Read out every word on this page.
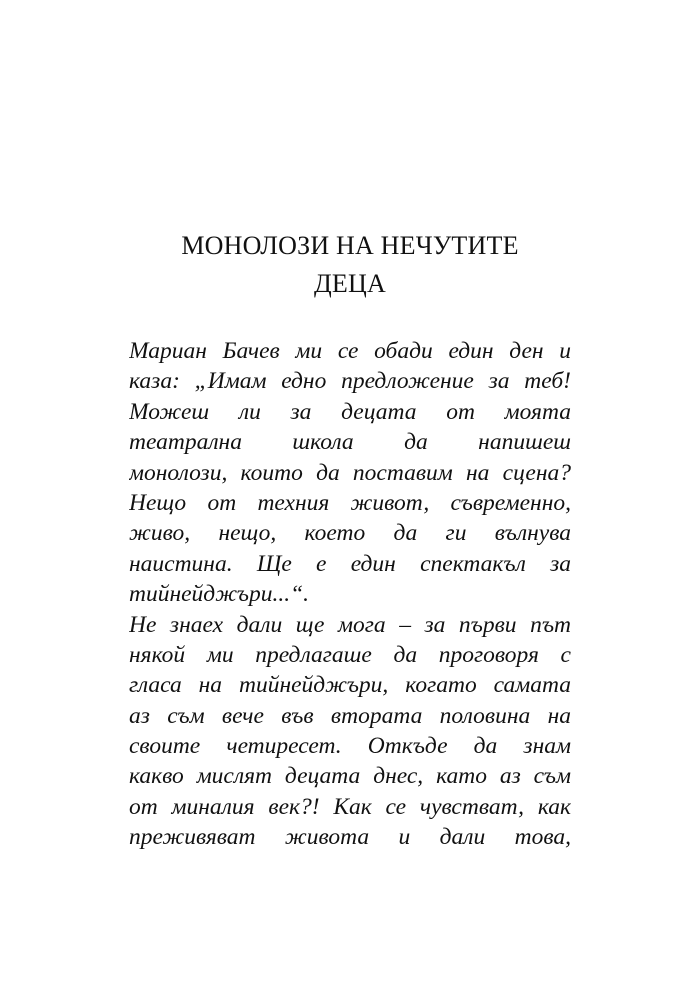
МОНОЛОЗИ НА НЕЧУТИТЕ
ДЕЦА
Мариан Бачев ми се обади един ден и
каза: „Имам едно предложение за теб!
Можеш ли за децата от моята
театрална школа да напишеш
монолози, които да поставим на сцена?
Нещо от техния живот, съвременно,
живо, нещо, което да ги вълнува
наистина. Ще е един спектакъл за
тийнейджъри...“.
Не знаех дали ще мога – за първи път
някой ми предлагаше да проговоря с
гласа на тийнейджъри, когато самата
аз съм вече във втората половина на
своите четиресет. Откъде да знам
какво мислят децата днес, като аз съм
от миналия век?! Как се чувстват, как
преживяват живота и дали това,
